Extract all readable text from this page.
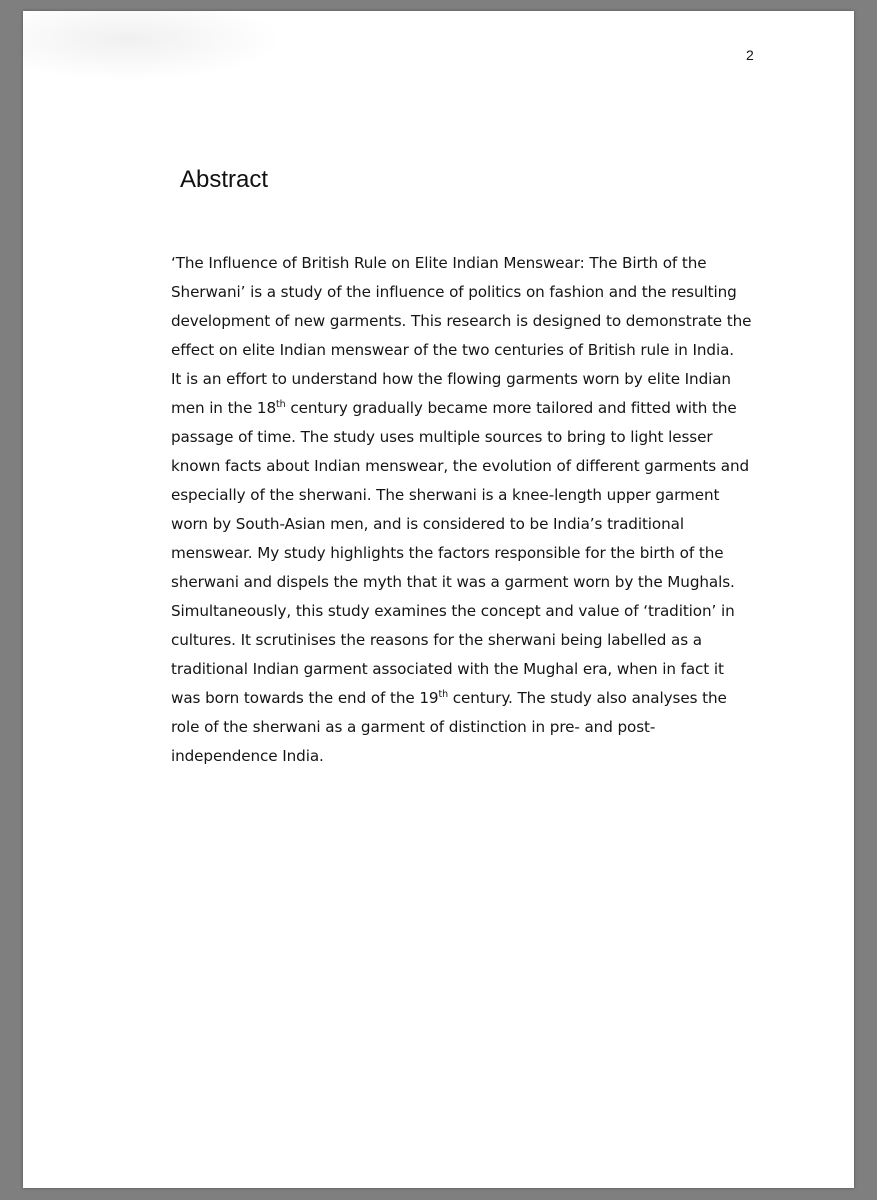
2
Abstract
‘The Influence of British Rule on Elite Indian Menswear: The Birth of the
Sherwani’ is a study of the influence of politics on fashion and the resulting
development of new garments. This research is designed to demonstrate the
effect on elite Indian menswear of the two centuries of British rule in India.
It is an effort to understand how the flowing garments worn by elite Indian
men in the 18th century gradually became more tailored and fitted with the
passage of time. The study uses multiple sources to bring to light lesser
known facts about Indian menswear, the evolution of different garments and
especially of the sherwani. The sherwani is a knee-length upper garment
worn by South-Asian men, and is considered to be India’s traditional
menswear. My study highlights the factors responsible for the birth of the
sherwani and dispels the myth that it was a garment worn by the Mughals.
Simultaneously, this study examines the concept and value of ‘tradition’ in
cultures. It scrutinises the reasons for the sherwani being labelled as a
traditional Indian garment associated with the Mughal era, when in fact it
was born towards the end of the 19th century. The study also analyses the
role of the sherwani as a garment of distinction in pre- and post-
independence India.
